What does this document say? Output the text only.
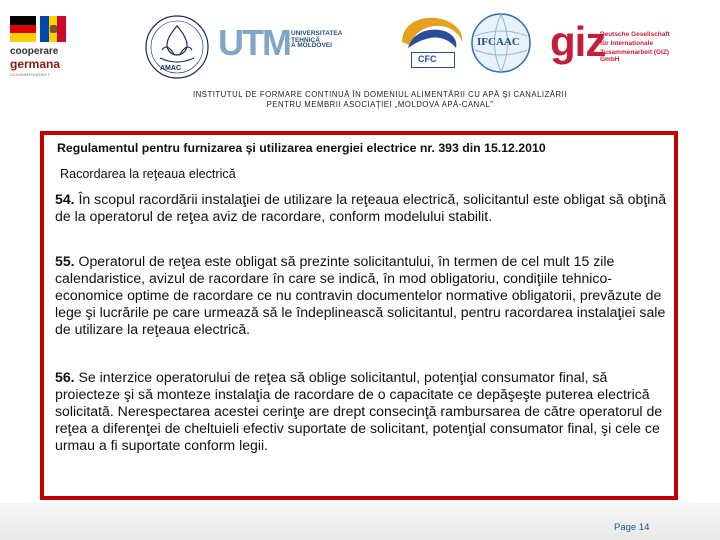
cooperare
germana
ZUSAMMENARBEIT
AMAC
UTM UNIVERSITATEA TEHNICĂ
A MOLDOVEI
CFC
IFCAAC giz
Deutsche Gesellschaft
für Internationale
Zusammenarbeit (GIZ) GmbH
INSTITUTUL DE FORMARE CONTINUĂ ÎN DOMENIUL ALIMENTĂRII CU APĂ ŞI CANALIZĂRII
PENTRU MEMBRII ASOCIAŢIEI „MOLDOVA APĂ-CANAL”
Regulamentul pentru furnizarea şi utilizarea energiei electrice nr. 393 din 15.12.2010
Racordarea la reţeaua electrică

54. În scopul racordării instalaţiei de utilizare la reţeaua electrică, solicitantul este obligat să obţină de la operatorul de reţea aviz de racordare, conform modelului stabilit.

55. Operatorul de reţea este obligat să prezinte solicitantului, în termen de cel mult 15 zile calendaristice, avizul de racordare în care se indică, în mod obligatoriu, condiţiile tehnico-economice optime de racordare ce nu contravin documentelor normative obligatorii, prevăzute de lege şi lucrările pe care urmează să le îndeplinească solicitantul, pentru racordarea instalaţiei sale de utilizare la reţeaua electrică.

56. Se interzice operatorului de reţea să oblige solicitantul, potenţial consumator final, să proiecteze şi să monteze instalaţia de racordare de o capacitate ce depăşeşte puterea electrică solicitată. Nerespectarea acestei cerinţe are drept consecinţă rambursarea de către operatorul de reţea a diferenţei de cheltuieli efectiv suportate de solicitant, potenţial consumator final, şi cele ce urmau a fi suportate conform legii.

Page 14
